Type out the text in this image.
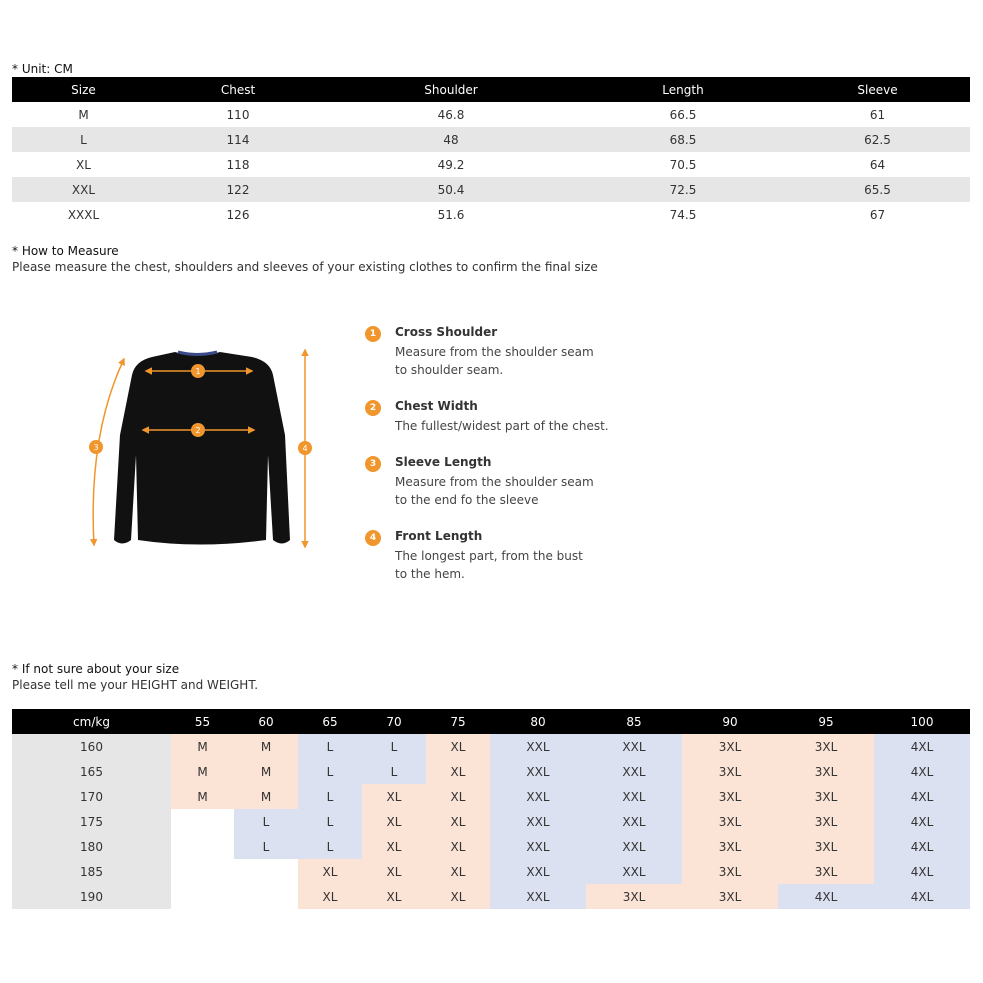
* Unit: CM
Size	Chest	Shoulder	Length	Sleeve
M	110	46.8	66.5	61
L	114	48	68.5	62.5
XL	118	49.2	70.5	64
XXL	122	50.4	72.5	65.5
XXXL	126	51.6	74.5	67
* How to Measure
Please measure the chest, shoulders and sleeves of your existing clothes to confirm the final size
1
2
3	4
1	Cross Shoulder
Measure from the shoulder seam to shoulder seam.
2	Chest Width
The fullest/widest part of the chest.
3	Sleeve Length
Measure from the shoulder seam to the end fo the sleeve
4	Front Length
The longest part, from the bust to the hem.
* If not sure about your size
Please tell me your HEIGHT and WEIGHT.
cm/kg	55	60	65	70	75	80	85	90	95	100
160	M	M	L	L	XL	XXL	XXL	3XL	3XL	4XL
165	M	M	L	L	XL	XXL	XXL	3XL	3XL	4XL
170	M	M	L	XL	XL	XXL	XXL	3XL	3XL	4XL
175		L	L	XL	XL	XXL	XXL	3XL	3XL	4XL
180		L	L	XL	XL	XXL	XXL	3XL	3XL	4XL
185			XL	XL	XL	XXL	XXL	3XL	3XL	4XL
190			XL	XL	XL	XXL	3XL	3XL	4XL	4XL
